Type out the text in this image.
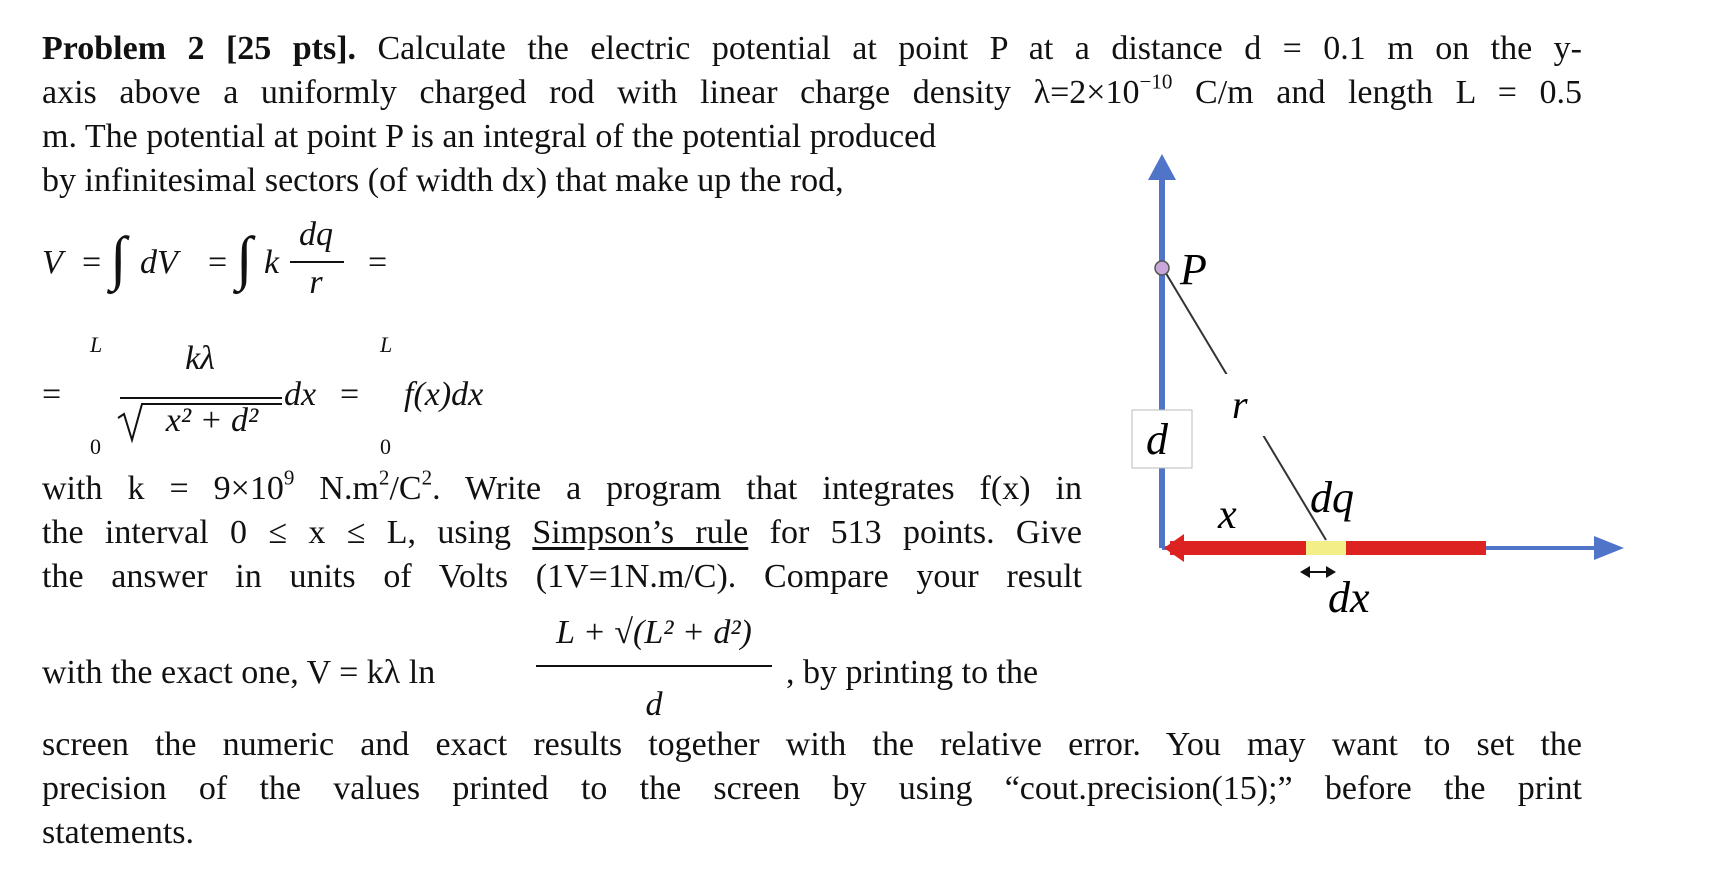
Problem 2 [25 pts]. Calculate the electric potential at point P at a distance d = 0.1 m on the y-
axis above a uniformly charged rod with linear charge density $\lambda=2\times 10^{-10}$ C/m and length L = 0.5
m. The potential at point P is an integral of the potential produced
by infinitesimal sectors (of width dx) that make up the rod,
V = ∫ dV = ∫ k
dq
r
=
=
L
0
kλ
x² + d²
dx =
L
0
f(x)dx
with $k = 9\times 10^9$ $N.m^2/C^2$. Write a program that integrates f(x) in
the interval 0 ≤ x ≤ L, using Simpson’s rule for 513 points. Give
the answer in units of Volts (1V=1N.m/C). Compare your result
with the exact one, V = kλ ln
L + √(L² + d²)
d
, by printing to the
screen the numeric and exact results together with the relative error. You may want to set the
precision of the values printed to the screen by using “cout.precision(15);” before the print
statements.
P
r
d
x dq
dx
